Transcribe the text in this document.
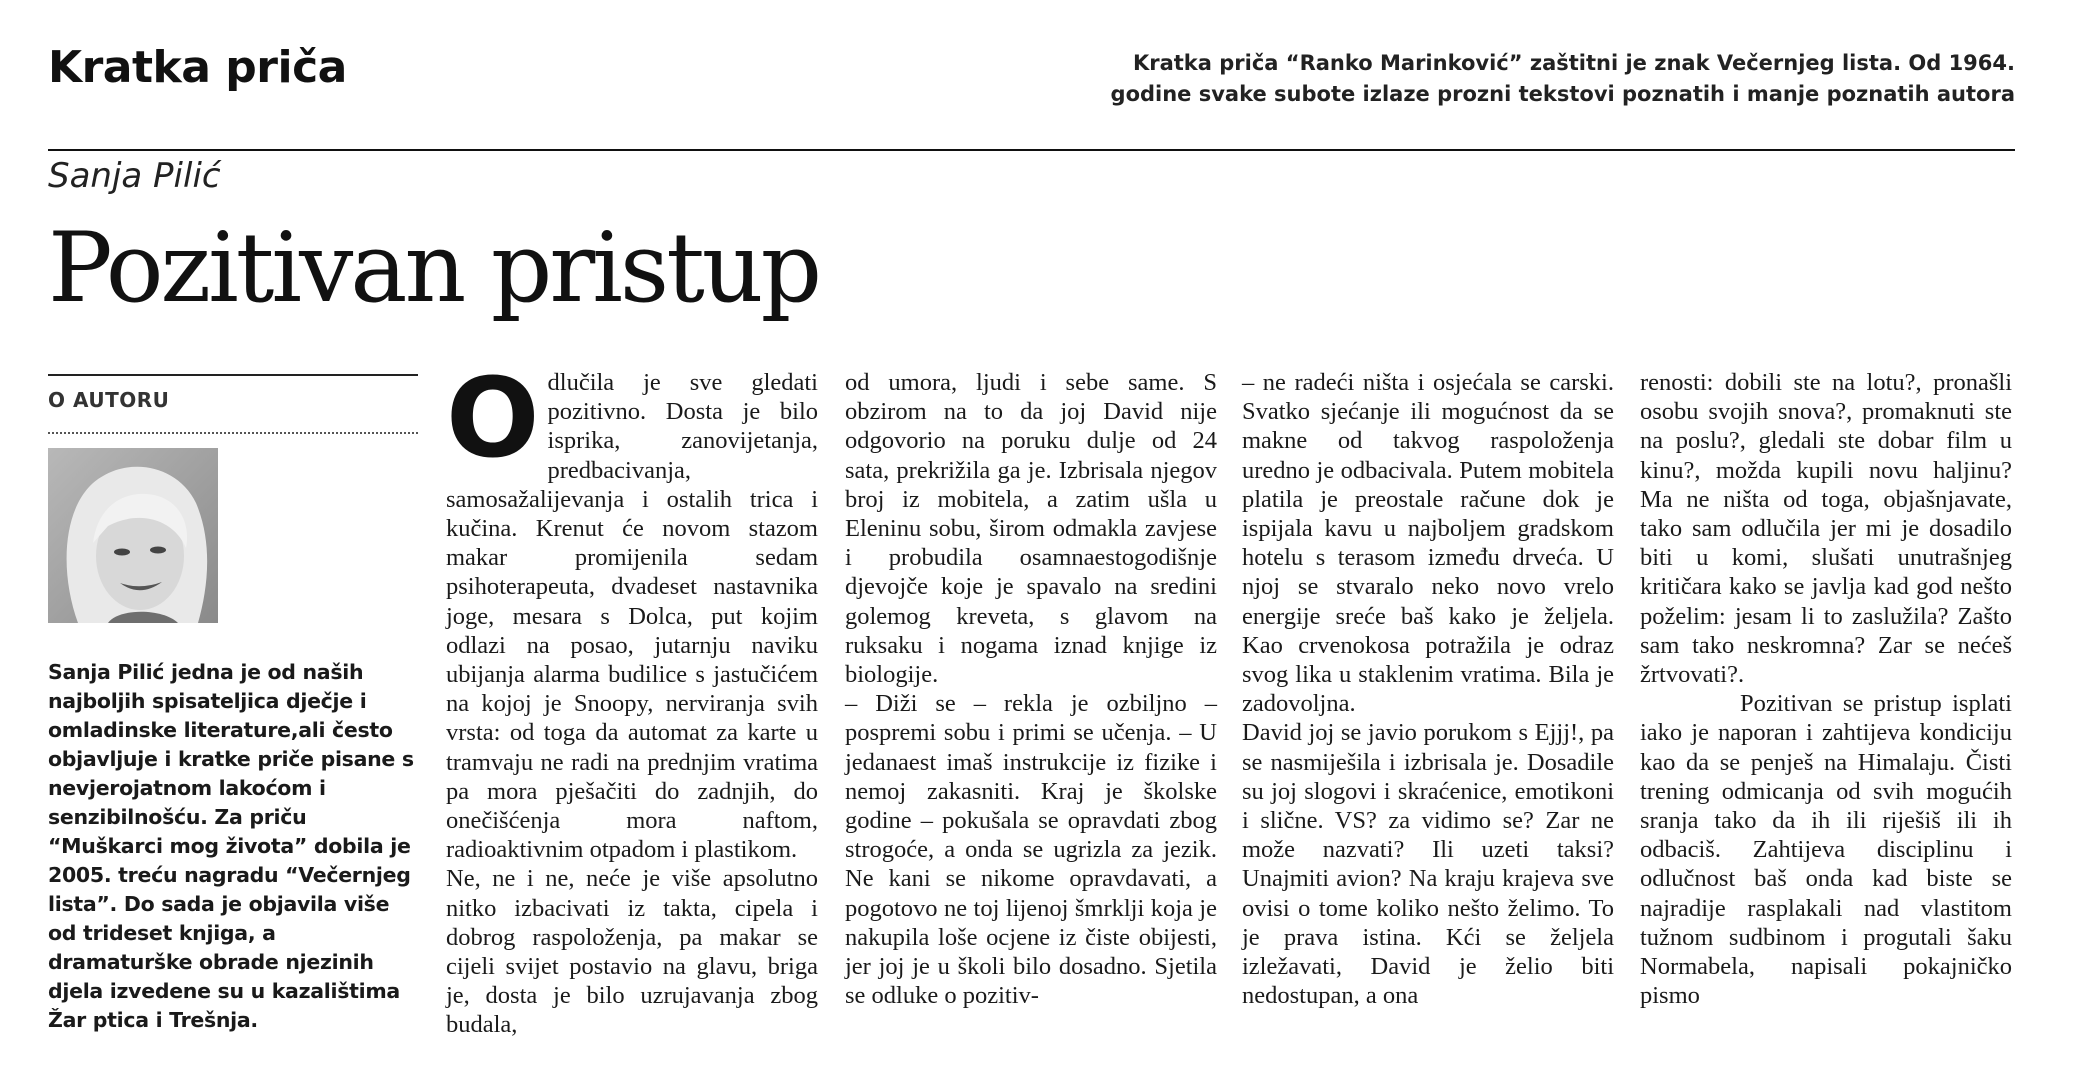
Kratka priča	Kratka priča “Ranko Marinković” zaštitni je znak Večernjeg lista. Od 1964.
godine svake subote izlaze prozni tekstovi poznatih i manje poznatih autora
Sanja Pilić
Pozitivan pristup
O AUTORU
Sanja Pilić jedna je od naših najboljih spisateljica dječje i omladinske literature,ali često objavljuje i kratke priče pisane s nevjerojatnom lakoćom i senzibilnošću. Za priču “Muškarci mog života” dobila je 2005. treću nagradu “Večernjeg lista”. Do sada je objavila više od trideset knjiga, a dramaturške obrade njezinih djela izvedene su u kazalištima Žar ptica i Trešnja.

Odlučila je sve gledati pozitivno. Dosta je bilo isprika, zanovijetanja, predbacivanja, samosažalijevanja i ostalih trica i kučina. Krenut će novom stazom makar promijenila sedam psihoterapeuta, dvadeset nastavnika joge, mesara s Dolca, put kojim odlazi na posao, jutarnju naviku ubijanja alarma budilice s jastučićem na kojoj je Snoopy, nerviranja svih vrsta: od toga da automat za karte u tramvaju ne radi na prednjim vratima pa mora pješačiti do zadnjih, do onečišćenja mora naftom, radioaktivnim otpadom i plastikom.

Ne, ne i ne, neće je više apsolutno nitko izbacivati iz takta, cipela i dobrog raspoloženja, pa makar se cijeli svijet postavio na glavu, briga je, dosta je bilo uzrujavanja zbog budala,

od umora, ljudi i sebe same. S obzirom na to da joj David nije odgovorio na poruku dulje od 24 sata, prekrižila ga je. Izbrisala njegov broj iz mobitela, a zatim ušla u Eleninu sobu, širom odmakla zavjese i probudila osamnaestogodišnje djevojče koje je spavalo na sredini golemog kreveta, s glavom na ruksaku i nogama iznad knjige iz biologije.

– Diži se – rekla je ozbiljno – pospremi sobu i primi se učenja. – U jedanaest imaš instrukcije iz fizike i nemoj zakasniti. Kraj je školske godine – pokušala se opravdati zbog strogoće, a onda se ugrizla za jezik. Ne kani se nikome opravdavati, a pogotovo ne toj lijenoj šmrklji koja je nakupila loše ocjene iz čiste obijesti, jer joj je u školi bilo dosadno. Sjetila se odluke o pozitiv-

– ne radeći ništa i osjećala se carski. Svatko sjećanje ili mogućnost da se makne od takvog raspoloženja uredno je odbacivala. Putem mobitela platila je preostale račune dok je ispijala kavu u najboljem gradskom hotelu s terasom između drveća. U njoj se stvaralo neko novo vrelo energije sreće baš kako je željela. Kao crvenokosa potražila je odraz svog lika u staklenim vratima. Bila je zadovoljna.

David joj se javio porukom s Ejjj!, pa se nasmiješila i izbrisala je. Dosadile su joj slogovi i skraćenice, emotikoni i slične. VS? za vidimo se? Zar ne može nazvati? Ili uzeti taksi? Unajmiti avion? Na kraju krajeva sve ovisi o tome koliko nešto želimo. To je prava istina. Kći se željela izležavati, David je želio biti nedostupan, a ona

renosti: dobili ste na lotu?, pronašli osobu svojih snova?, promaknuti ste na poslu?, gledali ste dobar film u kinu?, možda kupili novu haljinu? Ma ne ništa od toga, objašnjavate, tako sam odlučila jer mi je dosadilo biti u komi, slušati unutrašnjeg kritičara kako se javlja kad god nešto poželim: jesam li to zaslužila? Zašto sam tako neskromna? Zar se nećeš žrtvovati?.

Pozitivan se pristup isplati iako je naporan i zahtijeva kondiciju kao da se penješ na Himalaju. Čisti trening odmicanja od svih mogućih sranja tako da ih ili riješiš ili ih odbaciš. Zahtijeva disciplinu i odlučnost baš onda kad biste se najradije rasplakali nad vlastitom tužnom sudbinom i progutali šaku Normabela, napisali pokajničko pismo
